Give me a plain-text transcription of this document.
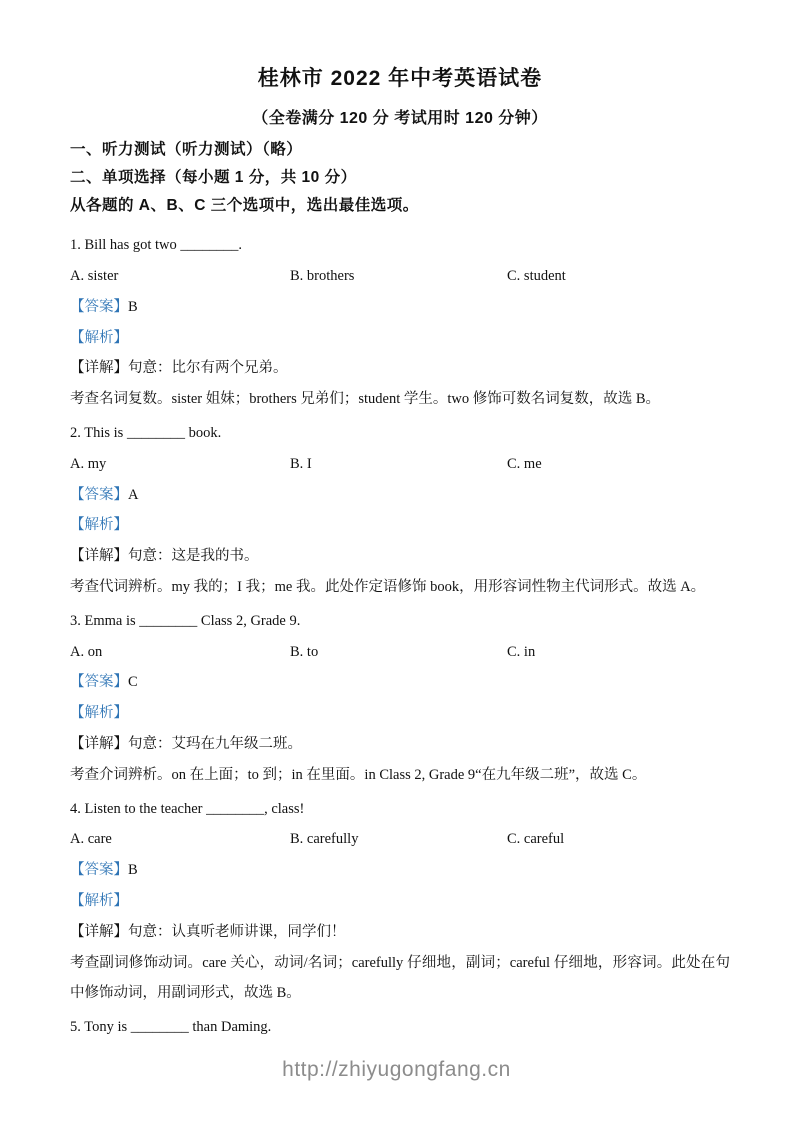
桂林市 2022 年中考英语试卷
（全卷满分 120 分 考试用时 120 分钟）
一、听力测试（听力测试）（略）
二、单项选择（每小题 1 分，共 10 分）
从各题的 A、B、C 三个选项中，选出最佳选项。

1. Bill has got two ________.

A. sister	B. brothers	C. student

【答案】B

【解析】

【详解】句意：比尔有两个兄弟。

考查名词复数。sister 姐妹；brothers 兄弟们；student 学生。two 修饰可数名词复数，故选 B。

2. This is ________ book.

A. my	B. I	C. me

【答案】A

【解析】

【详解】句意：这是我的书。

考查代词辨析。my 我的；I 我；me 我。此处作定语修饰 book，用形容词性物主代词形式。故选 A。

3. Emma is ________ Class 2, Grade 9.

A. on	B. to	C. in

【答案】C

【解析】

【详解】句意：艾玛在九年级二班。

考查介词辨析。on 在上面；to 到；in 在里面。in Class 2, Grade 9“在九年级二班”，故选 C。

4. Listen to the teacher ________, class!

A. care	B. carefully	C. careful

【答案】B

【解析】

【详解】句意：认真听老师讲课，同学们！

考查副词修饰动词。care 关心，动词/名词；carefully 仔细地，副词；careful 仔细地，形容词。此处在句中修饰动词，用副词形式，故选 B。

5. Tony is ________ than Daming.

http://zhiyugongfang.cn
